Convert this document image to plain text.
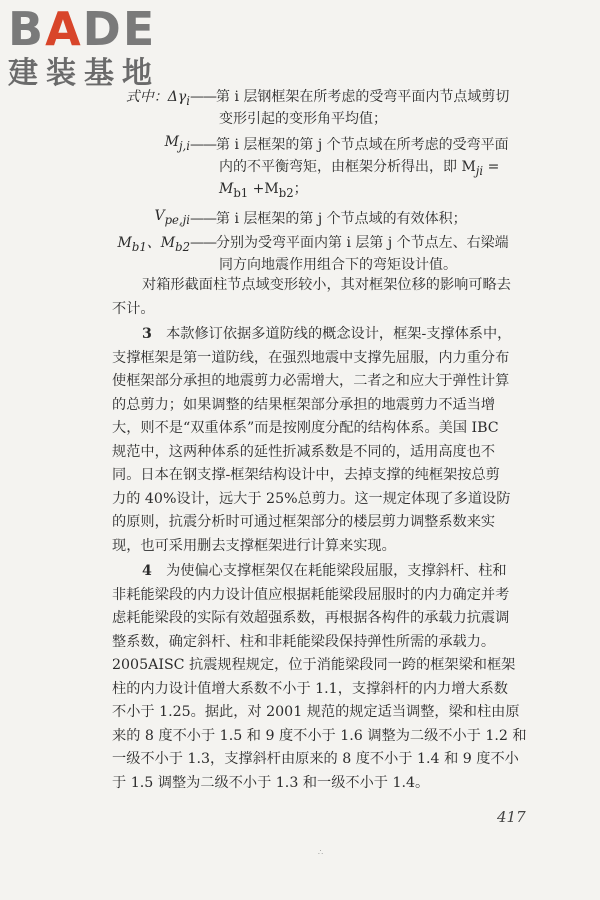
BADE
建装基地
式中：$\Delta\gamma_i$ ——第 i 层钢框架在所考虑的受弯平面内节点域剪切
变形引起的变形角平均值；
$M_{j,i}$ ——第 i 层框架的第 j 个节点域在所考虑的受弯平面
内的不平衡弯矩，由框架分析得出，即 $M_{ji}$ =
$M_{b1} +M_{b2}$；
$V_{pe,ji}$ ——第 i 层框架的第 j 个节点域的有效体积；
$M_{b1}$、$M_{b2}$ ——分别为受弯平面内第 i 层第 j 个节点左、右梁端
同方向地震作用组合下的弯矩设计值。

对箱形截面柱节点域变形较小，其对框架位移的影响可略去

不计。

3  本款修订依据多道防线的概念设计，框架-支撑体系中，

支撑框架是第一道防线，在强烈地震中支撑先屈服，内力重分布

使框架部分承担的地震剪力必需增大，二者之和应大于弹性计算

的总剪力；如果调整的结果框架部分承担的地震剪力不适当增

大，则不是“双重体系”而是按刚度分配的结构体系。美国 IBC

规范中，这两种体系的延性折减系数是不同的，适用高度也不

同。日本在钢支撑-框架结构设计中，去掉支撑的纯框架按总剪

力的 40%设计，远大于 25%总剪力。这一规定体现了多道设防

的原则，抗震分析时可通过框架部分的楼层剪力调整系数来实

现，也可采用删去支撑框架进行计算来实现。

4  为使偏心支撑框架仅在耗能梁段屈服，支撑斜杆、柱和

非耗能梁段的内力设计值应根据耗能梁段屈服时的内力确定并考

虑耗能梁段的实际有效超强系数，再根据各构件的承载力抗震调

整系数，确定斜杆、柱和非耗能梁段保持弹性所需的承载力。

2005AISC 抗震规程规定，位于消能梁段同一跨的框架梁和框架

柱的内力设计值增大系数不小于 1.1，支撑斜杆的内力增大系数

不小于 1.25。据此，对 2001 规范的规定适当调整，梁和柱由原

来的 8 度不小于 1.5 和 9 度不小于 1.6 调整为二级不小于 1.2 和

一级不小于 1.3，支撑斜杆由原来的 8 度不小于 1.4 和 9 度不小

于 1.5 调整为二级不小于 1.3 和一级不小于 1.4。

417
∴
